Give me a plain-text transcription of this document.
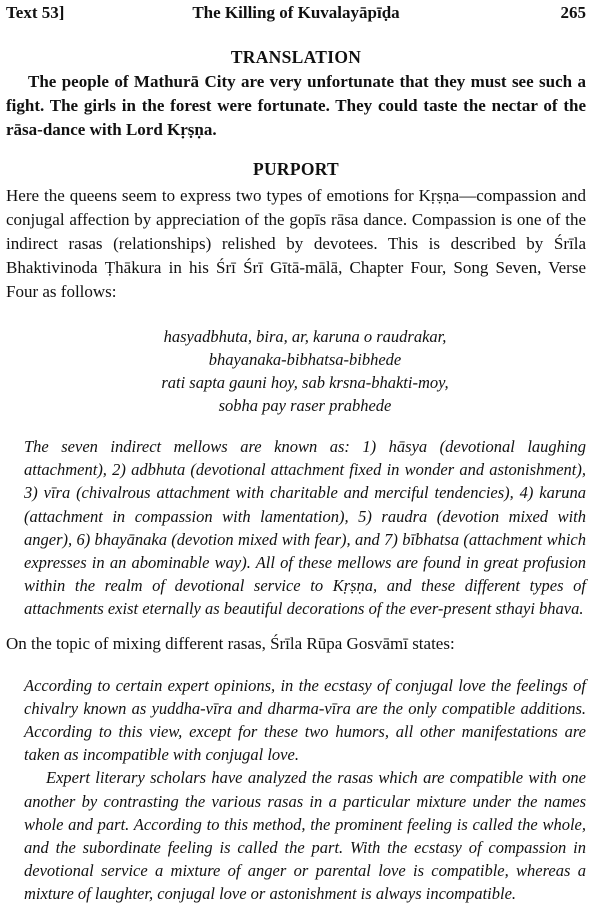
Text 53]	The Killing of Kuvalayāpīḍa	265
TRANSLATION

The people of Mathurā City are very unfortunate that they must see such a fight. The girls in the forest were fortunate. They could taste the nectar of the rāsa-dance with Lord Kṛṣṇa.

PURPORT

Here the queens seem to express two types of emotions for Kṛṣṇa—compassion and conjugal affection by appreciation of the gopīs rāsa dance. Compassion is one of the indirect rasas (relationships) relished by devotees. This is described by Śrīla Bhaktivinoda Ṭhākura in his Śrī Śrī Gītā-mālā, Chapter Four, Song Seven, Verse Four as follows:

hasyadbhuta, bira, ar, karuna o raudrakar,
bhayanaka-bibhatsa-bibhede
rati sapta gauni hoy, sab krsna-bhakti-moy,
sobha pay raser prabhede

The seven indirect mellows are known as: 1) hāsya (devotional laughing attachment), 2) adbhuta (devotional attachment fixed in wonder and astonishment), 3) vīra (chivalrous attachment with charitable and merciful tendencies), 4) karuna (attachment in compassion with lamentation), 5) raudra (devotion mixed with anger), 6) bhayānaka (devotion mixed with fear), and 7) bībhatsa (attachment which expresses in an abominable way). All of these mellows are found in great profusion within the realm of devotional service to Kṛṣṇa, and these different types of attachments exist eternally as beautiful decorations of the ever-present sthayi bhava.

On the topic of mixing different rasas, Śrīla Rūpa Gosvāmī states:

According to certain expert opinions, in the ecstasy of conjugal love the feelings of chivalry known as yuddha-vīra and dharma-vīra are the only compatible additions. According to this view, except for these two humors, all other manifestations are taken as incompatible with conjugal love.

Expert literary scholars have analyzed the rasas which are compatible with one another by contrasting the various rasas in a particular mixture under the names whole and part. According to this method, the prominent feeling is called the whole, and the subordinate feeling is called the part. With the ecstasy of compassion in devotional service a mixture of anger or parental love is compatible, whereas a mixture of laughter, conjugal love or astonishment is always incompatible.
